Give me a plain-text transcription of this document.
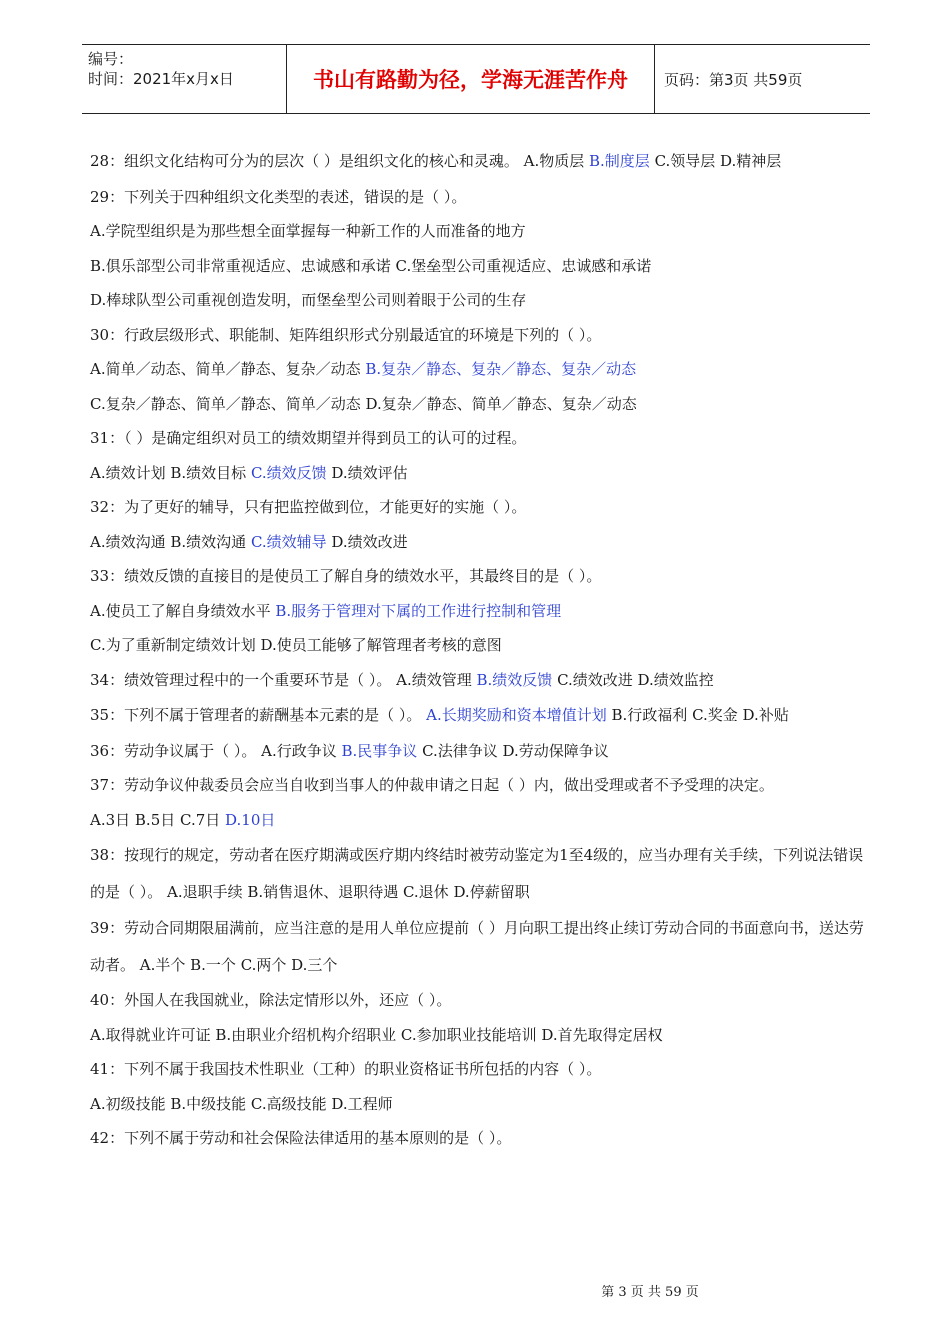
编号：
时间：2021年x月x日	书山有路勤为径，学海无涯苦作舟	页码：第3页 共59页
28：组织文化结构可分为的层次（ ）是组织文化的核心和灵魂。 A.物质层 B.制度层 C.领导层 D.精神层
29：下列关于四种组织文化类型的表述，错误的是（ ）。
A.学院型组织是为那些想全面掌握每一种新工作的人而准备的地方
B.俱乐部型公司非常重视适应、忠诚感和承诺 C.堡垒型公司重视适应、忠诚感和承诺
D.棒球队型公司重视创造发明，而堡垒型公司则着眼于公司的生存
30：行政层级形式、职能制、矩阵组织形式分别最适宜的环境是下列的（ ）。
A.简单／动态、简单／静态、复杂／动态 B.复杂／静态、复杂／静态、复杂／动态
C.复杂／静态、简单／静态、简单／动态 D.复杂／静态、简单／静态、复杂／动态
31：（ ）是确定组织对员工的绩效期望并得到员工的认可的过程。
A.绩效计划 B.绩效目标 C.绩效反馈 D.绩效评估
32：为了更好的辅导，只有把监控做到位，才能更好的实施（ ）。
A.绩效沟通 B.绩效沟通 C.绩效辅导 D.绩效改进
33：绩效反馈的直接目的是使员工了解自身的绩效水平，其最终目的是（ ）。
A.使员工了解自身绩效水平 B.服务于管理对下属的工作进行控制和管理
C.为了重新制定绩效计划 D.使员工能够了解管理者考核的意图
34：绩效管理过程中的一个重要环节是（ ）。 A.绩效管理 B.绩效反馈 C.绩效改进 D.绩效监控
35：下列不属于管理者的薪酬基本元素的是（ ）。 A.长期奖励和资本增值计划 B.行政福利 C.奖金 D.补贴
36：劳动争议属于（ ）。 A.行政争议 B.民事争议 C.法律争议 D.劳动保障争议
37：劳动争议仲裁委员会应当自收到当事人的仲裁申请之日起（ ）内，做出受理或者不予受理的决定。
A.3日 B.5日 C.7日 D.10日
38：按现行的规定，劳动者在医疗期满或医疗期内终结时被劳动鉴定为1至4级的，应当办理有关手续，下列说法错误的是（ ）。 A.退职手续 B.销售退休、退职待遇 C.退休 D.停薪留职
39：劳动合同期限届满前，应当注意的是用人单位应提前（ ）月向职工提出终止续订劳动合同的书面意向书，送达劳动者。 A.半个 B.一个 C.两个 D.三个
40：外国人在我国就业，除法定情形以外，还应（ ）。
A.取得就业许可证 B.由职业介绍机构介绍职业 C.参加职业技能培训 D.首先取得定居权
41：下列不属于我国技术性职业（工种）的职业资格证书所包括的内容（ ）。
A.初级技能 B.中级技能 C.高级技能 D.工程师
42：下列不属于劳动和社会保险法律适用的基本原则的是（ ）。
第 3 页 共 59 页
